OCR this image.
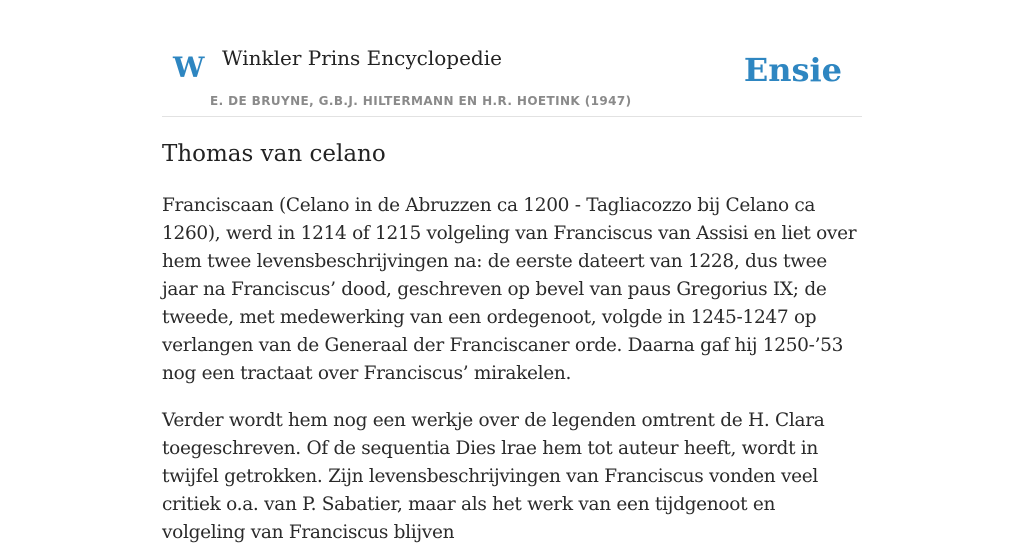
W Winkler Prins Encyclopedie
E. DE BRUYNE, G.B.J. HILTERMANN EN H.R. HOETINK (1947)
Ensie
Thomas van celano

Franciscaan (Celano in de Abruzzen ca 1200 - Tagliacozzo bij Celano ca 1260), werd in 1214 of 1215 volgeling van Franciscus van Assisi en liet over hem twee levensbeschrijvingen na: de eerste dateert van 1228, dus twee jaar na Franciscus’ dood, geschreven op bevel van paus Gregorius IX; de tweede, met medewerking van een ordegenoot, volgde in 1245-1247 op verlangen van de Generaal der Franciscaner orde. Daarna gaf hij 1250-’53 nog een tractaat over Franciscus’ mirakelen.

Verder wordt hem nog een werkje over de legenden omtrent de H. Clara toegeschreven. Of de sequentia Dies lrae hem tot auteur heeft, wordt in twijfel getrokken. Zijn levensbeschrijvingen van Franciscus vonden veel critiek o.a. van P. Sabatier, maar als het werk van een tijdgenoot en volgeling van Franciscus blijven
